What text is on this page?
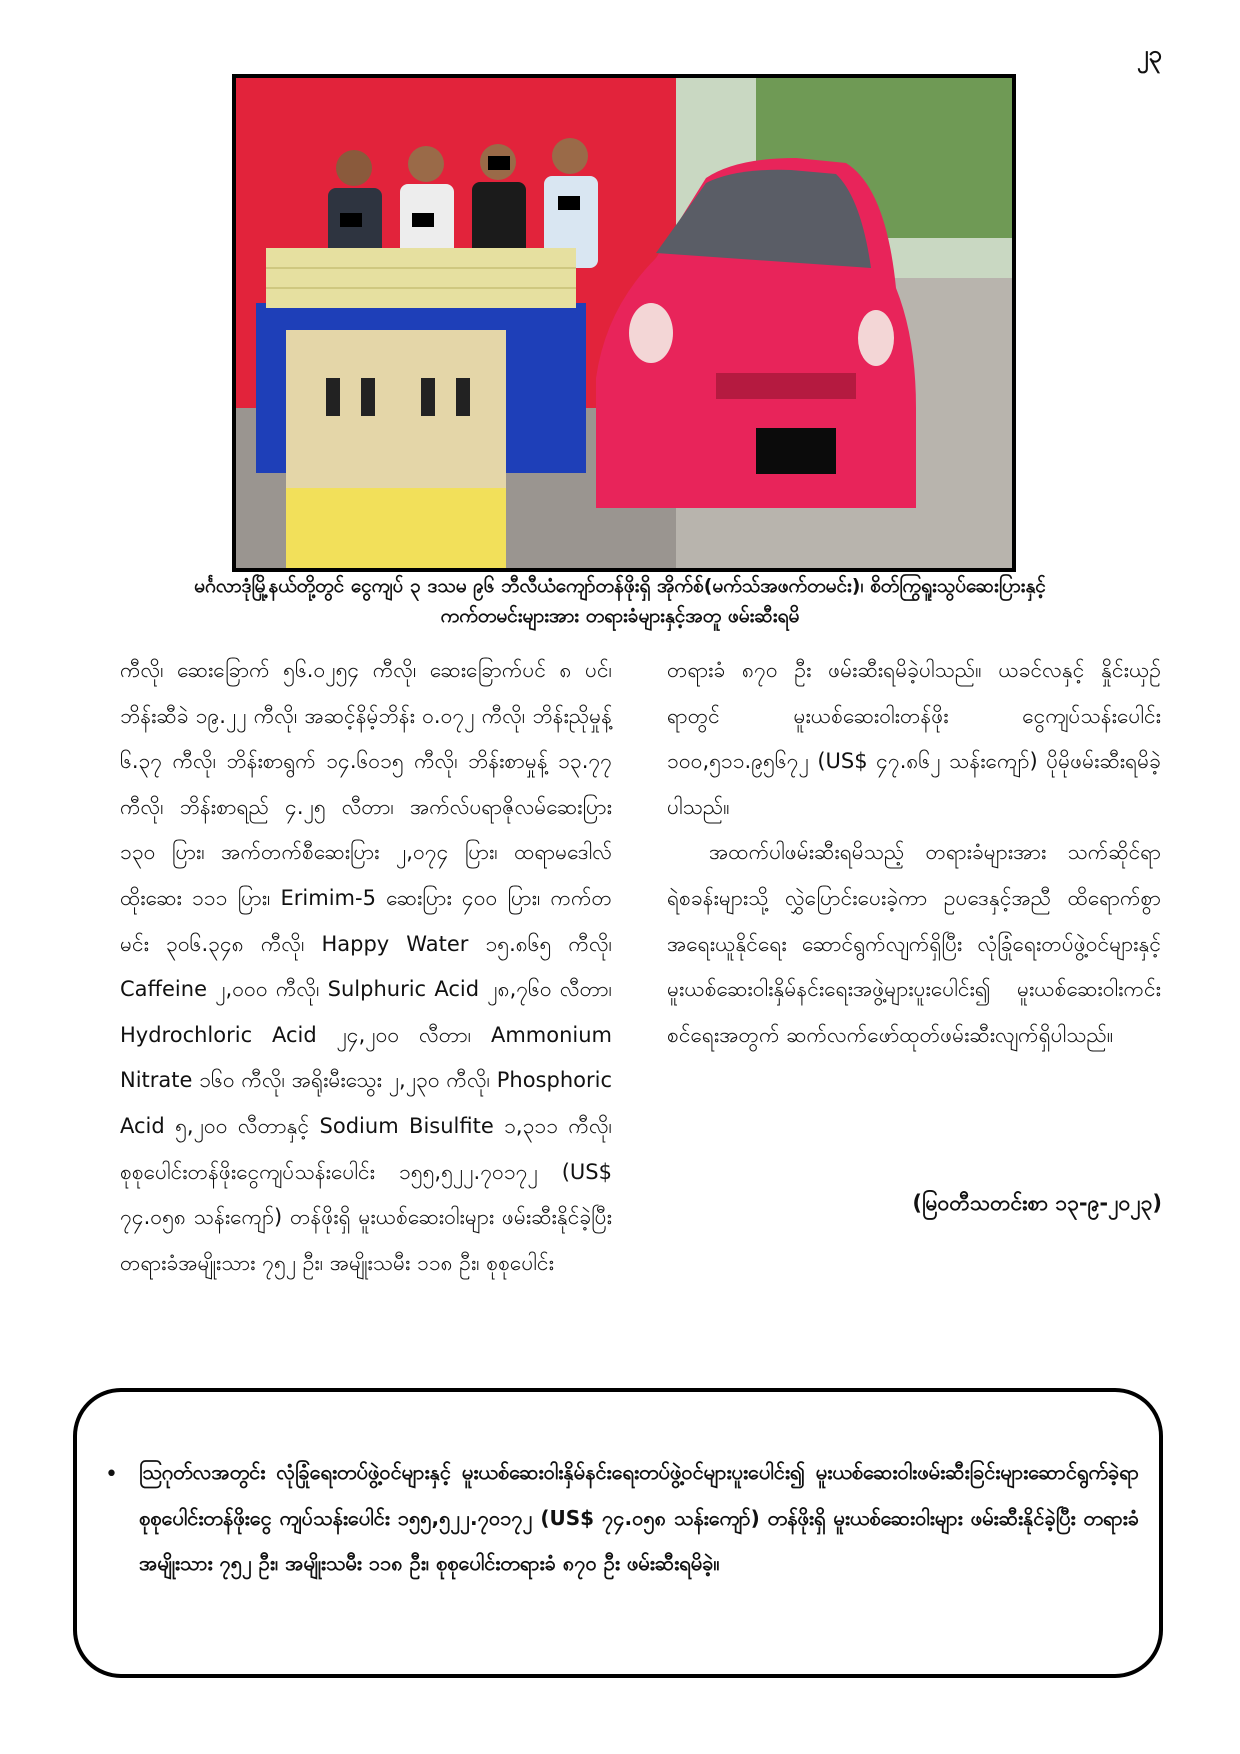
၂၃
မင်္ဂလာဒုံမြို့နယ်တို့တွင် ငွေကျပ် ၃ ဒသမ ၉၆ ဘီလီယံကျော်တန်ဖိုးရှိ အိုက်စ်(မက်သ်အဖက်တမင်း)၊ စိတ်ကြွရူးသွပ်ဆေးပြားနှင့်
ကက်တမင်းများအား တရားခံများနှင့်အတူ ဖမ်းဆီးရမိ

ကီလို၊ ဆေးခြောက် ၅၆.၀၂၅၄ ကီလို၊ ဆေးခြောက်ပင် ၈ ပင်၊ ဘိန်းဆီခဲ ၁၉.၂၂ ကီလို၊ အဆင့်နိမ့်ဘိန်း ၀.၀၇၂ ကီလို၊ ဘိန်းညိုမှုန့် ၆.၃၇ ကီလို၊ ဘိန်းစာရွက် ၁၄.၆၀၁၅ ကီလို၊ ဘိန်းစာမှုန့် ၁၃.၇၇ ကီလို၊ ဘိန်းစာရည် ၄.၂၅ လီတာ၊ အက်လ်ပရာဇိုလမ်ဆေးပြား ၁၃၀ ပြား၊ အက်တက်စီဆေးပြား ၂,၀၇၄ ပြား၊ ထရာမဒေါလ်ထိုးဆေး ၁၁၁ ပြား၊ Erimim-5 ဆေးပြား ၄၀၀ ပြား၊ ကက်တမင်း ၃၀၆.၃၄၈ ကီလို၊ Happy Water ၁၅.၈၆၅ ကီလို၊ Caffeine ၂,၀၀၀ ကီလို၊ Sulphuric Acid ၂၈,၇၆၀ လီတာ၊ Hydrochloric Acid ၂၄,၂၀၀ လီတာ၊ Ammonium Nitrate ၁၆၀ ကီလို၊ အရိုးမီးသွေး ၂,၂၃၀ ကီလို၊ Phosphoric Acid ၅,၂၀၀ လီတာနှင့် Sodium Bisulfite ၁,၃၁၁ ကီလို၊ စုစုပေါင်းတန်ဖိုးငွေကျပ်သန်းပေါင်း ၁၅၅,၅၂၂.၇၀၁၇၂ (US$ ၇၄.၀၅၈ သန်းကျော်) တန်ဖိုးရှိ မူးယစ်ဆေးဝါးများ ဖမ်းဆီးနိုင်ခဲ့ပြီး တရားခံအမျိုးသား ၇၅၂ ဦး၊ အမျိုးသမီး ၁၁၈ ဦး၊ စုစုပေါင်း

တရားခံ ၈၇၀ ဦး ဖမ်းဆီးရမိခဲ့ပါသည်။ ယခင်လနှင့် နှိုင်းယှဉ်ရာတွင် မူးယစ်ဆေးဝါးတန်ဖိုး ငွေကျပ်သန်းပေါင်း ၁၀၀,၅၁၁.၉၅၆၇၂ (US$ ၄၇.၈၆၂ သန်းကျော်) ပိုမိုဖမ်းဆီးရမိခဲ့ပါသည်။

အထက်ပါဖမ်းဆီးရမိသည့် တရားခံများအား သက်ဆိုင်ရာရဲစခန်းများသို့ လွှဲပြောင်းပေးခဲ့ကာ ဥပဒေနှင့်အညီ ထိရောက်စွာအရေးယူနိုင်ရေး ဆောင်ရွက်လျက်ရှိပြီး လုံခြုံရေးတပ်ဖွဲ့ဝင်များနှင့် မူးယစ်ဆေးဝါးနှိမ်နင်းရေးအဖွဲ့များပူးပေါင်း၍ မူးယစ်ဆေးဝါးကင်းစင်ရေးအတွက် ဆက်လက်ဖော်ထုတ်ဖမ်းဆီးလျက်ရှိပါသည်။

(မြဝတီသတင်းစာ ၁၃-၉-၂၀၂၃)
• ဩဂုတ်လအတွင်း လုံခြုံရေးတပ်ဖွဲ့ဝင်များနှင့် မူးယစ်ဆေးဝါးနှိမ်နင်းရေးတပ်ဖွဲ့ဝင်များပူးပေါင်း၍ မူးယစ်ဆေးဝါးဖမ်းဆီးခြင်းများဆောင်ရွက်ခဲ့ရာ စုစုပေါင်းတန်ဖိုးငွေ ကျပ်သန်းပေါင်း ၁၅၅,၅၂၂.၇၀၁၇၂ (US$ ၇၄.၀၅၈ သန်းကျော်) တန်ဖိုးရှိ မူးယစ်ဆေးဝါးများ ဖမ်းဆီးနိုင်ခဲ့ပြီး တရားခံအမျိုးသား ၇၅၂ ဦး၊ အမျိုးသမီး ၁၁၈ ဦး၊ စုစုပေါင်းတရားခံ ၈၇၀ ဦး ဖမ်းဆီးရမိခဲ့။
